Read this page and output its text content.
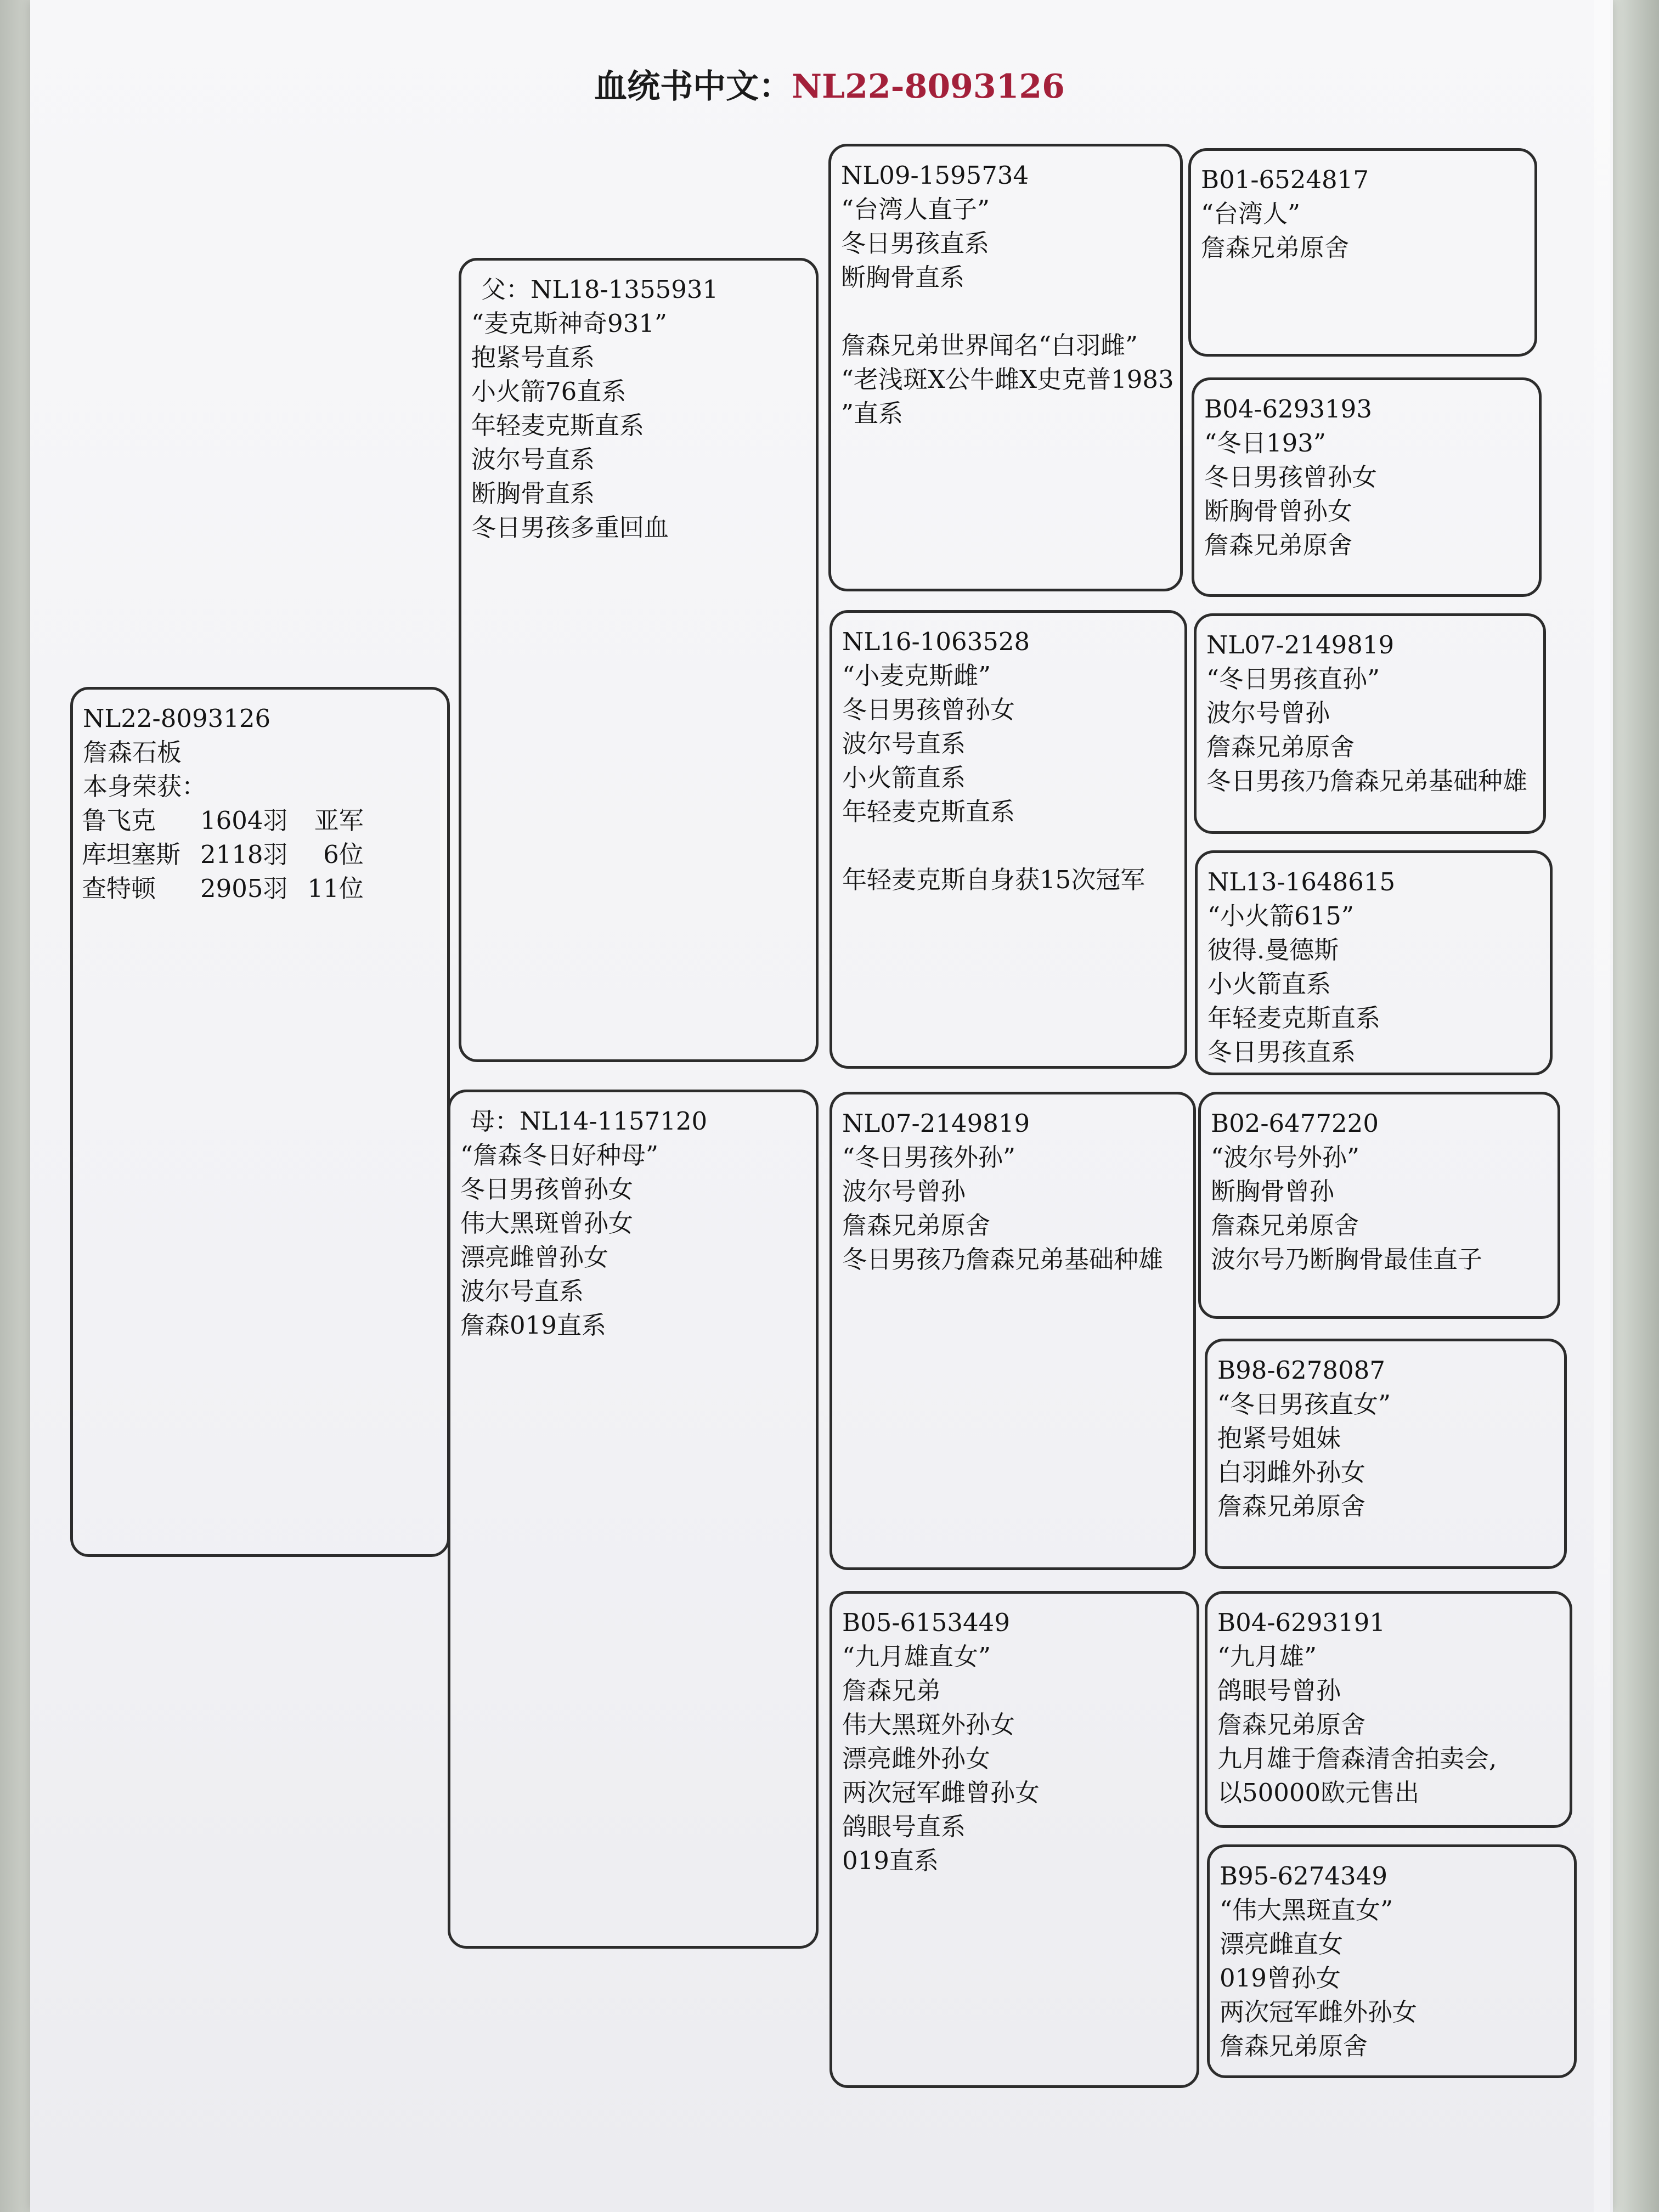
血统书中文：NL22-8093126
NL22-8093126
詹森石板
本身荣获：
鲁飞克	1604羽	亚军
库坦塞斯	2118羽	6位
查特顿	2905羽	11位
父：NL18-1355931
“麦克斯神奇931”
抱紧号直系
小火箭76直系
年轻麦克斯直系
波尔号直系
断胸骨直系
冬日男孩多重回血
母：NL14-1157120
“詹森冬日好种母”
冬日男孩曾孙女
伟大黑斑曾孙女
漂亮雌曾孙女
波尔号直系
詹森019直系
NL09-1595734
“台湾人直子”
冬日男孩直系
断胸骨直系
詹森兄弟世界闻名“白羽雌”
“老浅斑X公牛雌X史克普1983
”直系
NL16-1063528
“小麦克斯雌”
冬日男孩曾孙女
波尔号直系
小火箭直系
年轻麦克斯直系
年轻麦克斯自身获15次冠军
NL07-2149819
“冬日男孩外孙”
波尔号曾孙
詹森兄弟原舍
冬日男孩乃詹森兄弟基础种雄
B05-6153449
“九月雄直女”
詹森兄弟
伟大黑斑外孙女
漂亮雌外孙女
两次冠军雌曾孙女
鸽眼号直系
019直系
B01-6524817
“台湾人”
詹森兄弟原舍
B04-6293193
“冬日193”
冬日男孩曾孙女
断胸骨曾孙女
詹森兄弟原舍
NL07-2149819
“冬日男孩直孙”
波尔号曾孙
詹森兄弟原舍
冬日男孩乃詹森兄弟基础种雄
NL13-1648615
“小火箭615”
彼得.曼德斯
小火箭直系
年轻麦克斯直系
冬日男孩直系
B02-6477220
“波尔号外孙”
断胸骨曾孙
詹森兄弟原舍
波尔号乃断胸骨最佳直子
B98-6278087
“冬日男孩直女”
抱紧号姐妹
白羽雌外孙女
詹森兄弟原舍
B04-6293191
“九月雄”
鸽眼号曾孙
詹森兄弟原舍
九月雄于詹森清舍拍卖会,
以50000欧元售出
B95-6274349
“伟大黑斑直女”
漂亮雌直女
019曾孙女
两次冠军雌外孙女
詹森兄弟原舍
